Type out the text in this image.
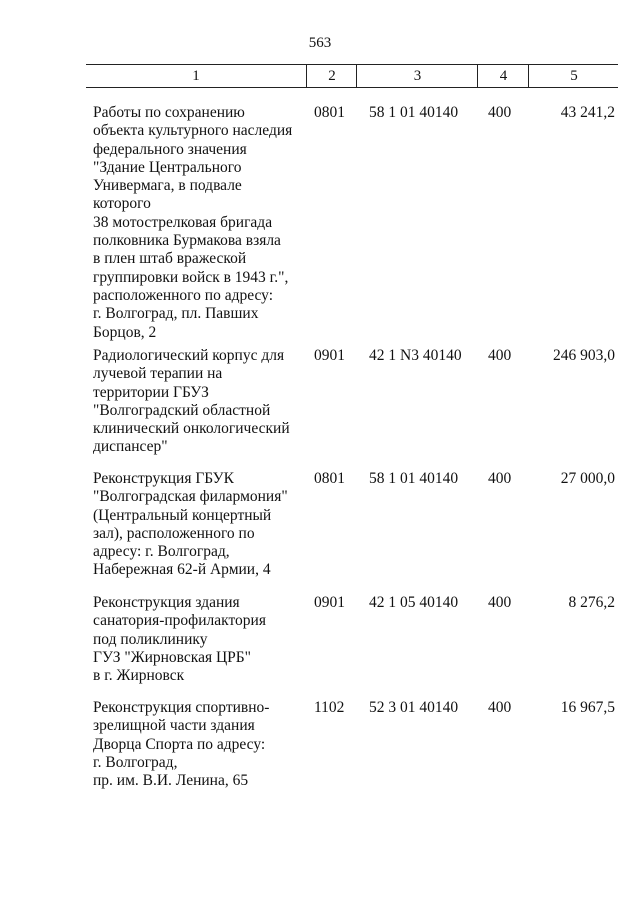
563
1	2	3	4	5
Работы по сохранению
объекта культурного наследия
федерального значения
"Здание Центрального
Универмага, в подвале
которого
38 мотострелковая бригада
полковника Бурмакова взяла
в плен штаб вражеской
группировки войск в 1943 г.",
расположенного по адресу:
г. Волгоград, пл. Павших
Борцов, 2
0801	58 1 01 40140	400	43 241,2
Радиологический корпус для
лучевой терапии на
территории ГБУЗ
"Волгоградский областной
клинический онкологический
диспансер"
0901	42 1 N3 40140	400	246 903,0
Реконструкция ГБУК
"Волгоградская филармония"
(Центральный концертный
зал), расположенного по
адресу: г. Волгоград,
Набережная 62-й Армии, 4
0801	58 1 01 40140	400	27 000,0
Реконструкция здания
санатория-профилактория
под поликлинику
ГУЗ "Жирновская ЦРБ"
в г. Жирновск
0901	42 1 05 40140	400	8 276,2
Реконструкция спортивно-
зрелищной части здания
Дворца Спорта по адресу:
г. Волгоград,
пр. им. В.И. Ленина, 65
1102	52 3 01 40140	400	16 967,5
